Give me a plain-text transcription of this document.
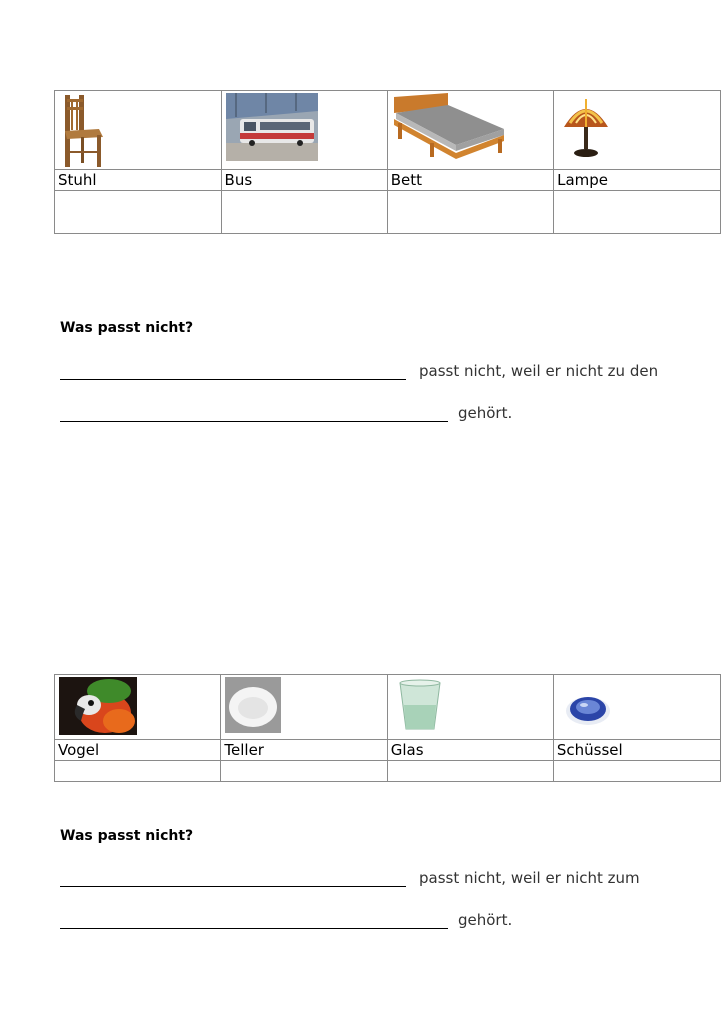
Stuhl	Bus	Bett	Lampe

Was passt nicht?
passt nicht, weil er nicht zu den
gehört.

Vogel	Teller	Glas	Schüssel

Was passt nicht?
passt nicht, weil er nicht zum
gehört.
